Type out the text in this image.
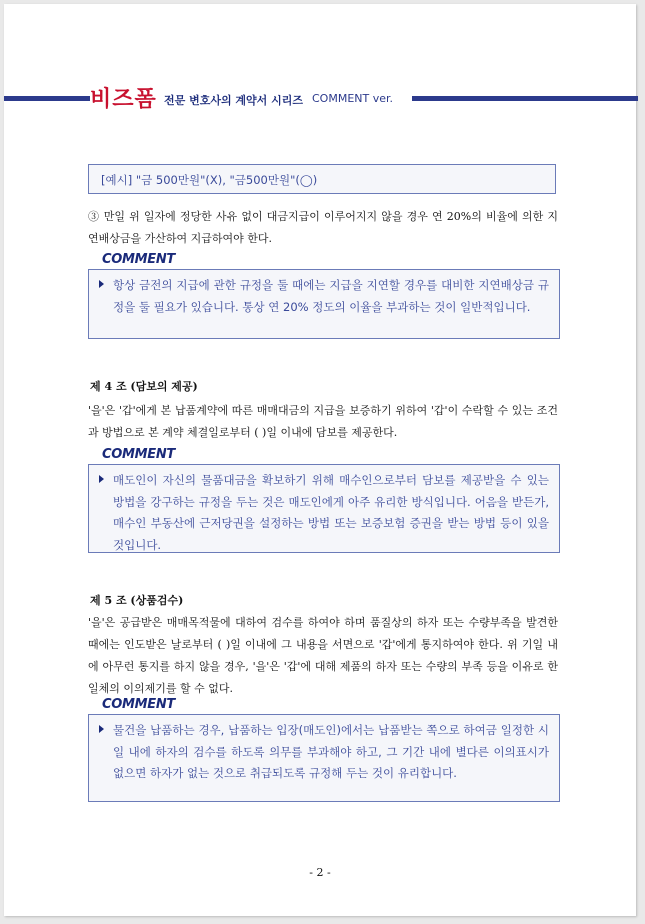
비즈폼 전문 변호사의 계약서 시리즈 COMMENT ver.
[예시] "금 500만원"(X), "금500만원"(◯)
③ 만일 위 일자에 정당한 사유 없이 대금지급이 이루어지지 않을 경우 연 20%의 비율에 의한 지연배상금을 가산하여 지급하여야 한다.
COMMENT
항상 금전의 지급에 관한 규정을 둘 때에는 지급을 지연할 경우를 대비한 지연배상금 규정을 둘 필요가 있습니다. 통상 연 20% 정도의 이율을 부과하는 것이 일반적입니다.
제 4 조 (담보의 제공)
'을'은 '갑'에게 본 납품계약에 따른 매매대금의 지급을 보증하기 위하여 '갑'이 수락할 수 있는 조건과 방법으로 본 계약 체결일로부터 ( )일 이내에 담보를 제공한다.
COMMENT
매도인이 자신의 물품대금을 확보하기 위해 매수인으로부터 담보를 제공받을 수 있는 방법을 강구하는 규정을 두는 것은 매도인에게 아주 유리한 방식입니다. 어음을 받든가, 매수인 부동산에 근저당권을 설정하는 방법 또는 보증보험 증권을 받는 방법 등이 있을 것입니다.
제 5 조 (상품검수)
'을'은 공급받은 매매목적물에 대하여 검수를 하여야 하며 품질상의 하자 또는 수량부족을 발견한 때에는 인도받은 날로부터 ( )일 이내에 그 내용을 서면으로 '갑'에게 통지하여야 한다. 위 기일 내에 아무런 통지를 하지 않을 경우, '을'은 '갑'에 대해 제품의 하자 또는 수량의 부족 등을 이유로 한 일체의 이의제기를 할 수 없다.
COMMENT
물건을 납품하는 경우, 납품하는 입장(매도인)에서는 납품받는 쪽으로 하여금 일정한 시일 내에 하자의 검수를 하도록 의무를 부과해야 하고, 그 기간 내에 별다른 이의표시가 없으면 하자가 없는 것으로 취급되도록 규정해 두는 것이 유리합니다.
- 2 -
